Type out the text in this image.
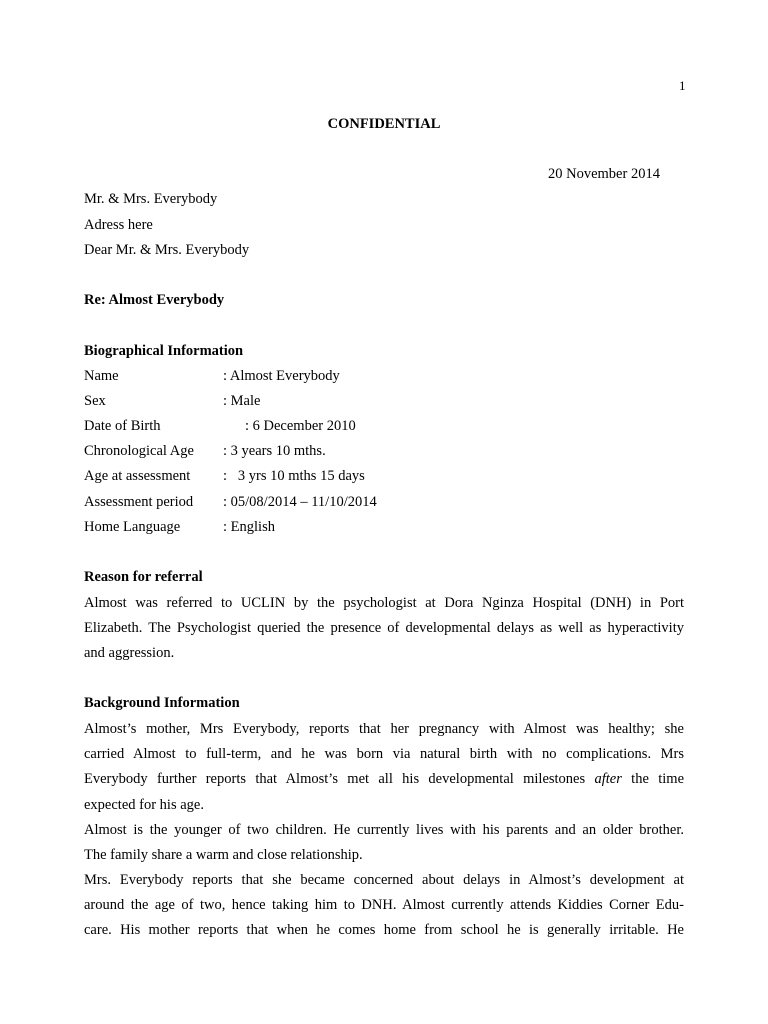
1
CONFIDENTIAL
20 November 2014
Mr. & Mrs. Everybody
Adress here
Dear Mr. & Mrs. Everybody
Re: Almost Everybody
Biographical Information
Name	: Almost Everybody
Sex	: Male
Date of Birth	: 6 December 2010
Chronological Age : 3 years 10 mths.
Age at assessment :   3 yrs 10 mths 15 days
Assessment period : 05/08/2014 – 11/10/2014
Home Language	: English
Reason for referral
Almost was referred to UCLIN by the psychologist at Dora Nginza Hospital (DNH) in Port
Elizabeth. The Psychologist queried the presence of developmental delays as well as hyperactivity
and aggression.
Background Information
Almost’s mother, Mrs Everybody, reports that her pregnancy with Almost was healthy; she
carried Almost to full-term, and he was born via natural birth with no complications. Mrs
Everybody further reports that Almost’s met all his developmental milestones after the time
expected for his age.
Almost is the younger of two children. He currently lives with his parents and an older brother.
The family share a warm and close relationship.
Mrs. Everybody reports that she became concerned about delays in Almost’s development at
around the age of two, hence taking him to DNH. Almost currently attends Kiddies Corner Edu-
care. His mother reports that when he comes home from school he is generally irritable. He
